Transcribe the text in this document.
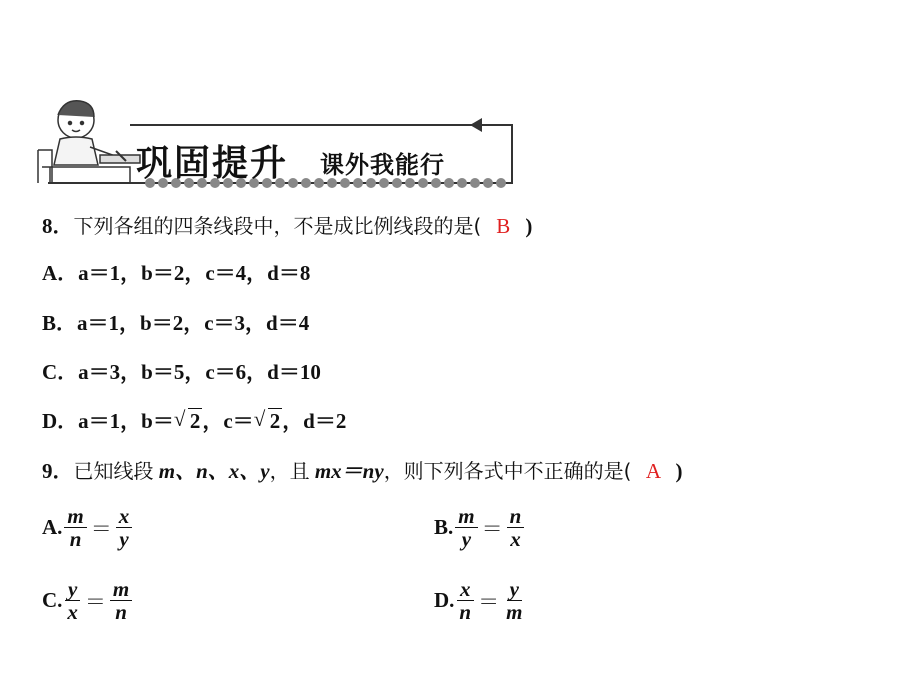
巩固提升 课外我能行
8．下列各组的四条线段中，不是成比例线段的是( B )
A．a＝1，b＝2，c＝4，d＝8
B．a＝1，b＝2，c＝3，d＝4
C．a＝3，b＝5，c＝6，d＝10
D．a＝1，b＝ √ 2，c＝ √ 2，d＝2
9．已知线段 m、n、x、y，且 mx＝ny，则下列各式中不正确的是( A )
A. $\frac{m}{n} = \frac{x}{y}$	B. $\frac{m}{y} = \frac{n}{x}$
C. $\frac{y}{x} = \frac{m}{n}$	D. $\frac{x}{n} = \frac{y}{m}$
